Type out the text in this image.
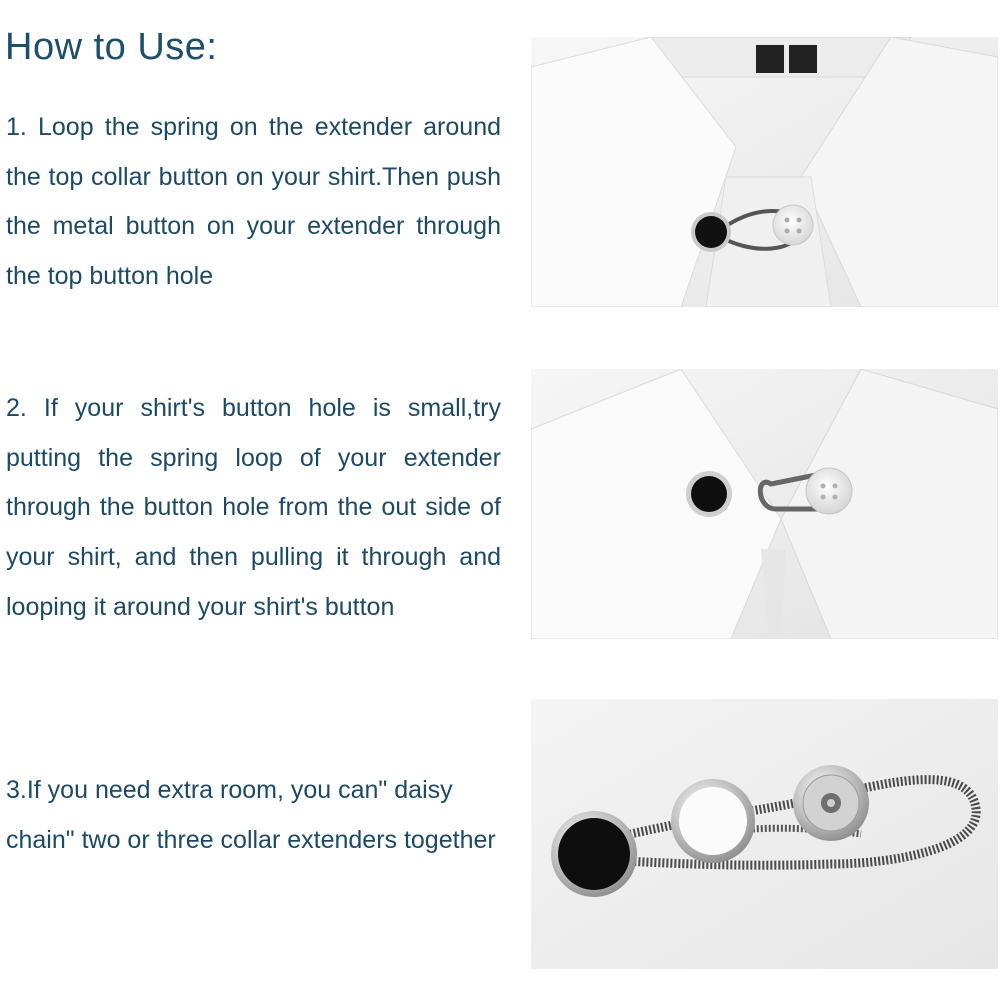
How to Use:
1. Loop the spring on the extender around the top collar button on your shirt.Then push the metal button on your extender through the top button hole
2. If your shirt's button hole is small,try putting the spring loop of your extender through the button hole from the out side of your shirt, and then pulling it through and looping it around your shirt's button
3.If you need extra room, you can" daisy chain" two or three collar extenders together
